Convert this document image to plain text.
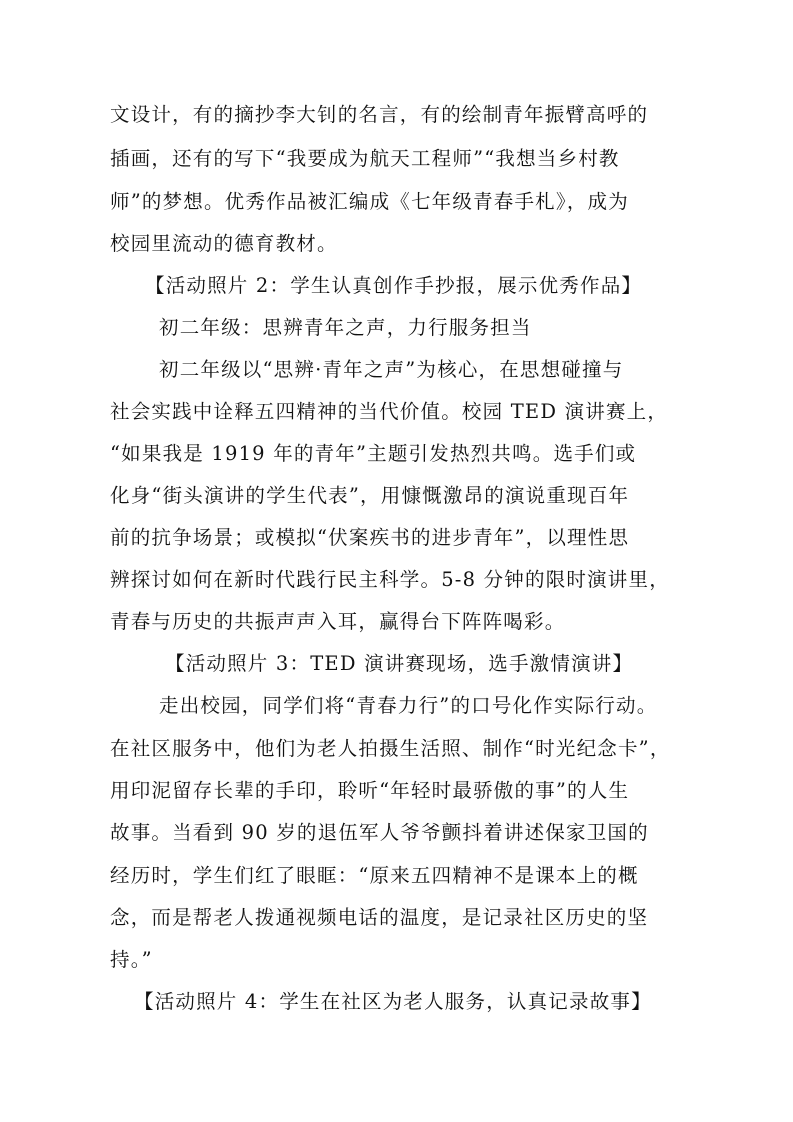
文设计，有的摘抄李大钊的名言，有的绘制青年振臂高呼的
插画，还有的写下“我要成为航天工程师”“我想当乡村教
师”的梦想。优秀作品被汇编成《七年级青春手札》，成为
校园里流动的德育教材。
【活动照片 2：学生认真创作手抄报，展示优秀作品】
初二年级：思辨青年之声，力行服务担当
初二年级以“思辨·青年之声”为核心，在思想碰撞与
社会实践中诠释五四精神的当代价值。校园 TED 演讲赛上，
“如果我是 1919 年的青年”主题引发热烈共鸣。选手们或
化身“街头演讲的学生代表”，用慷慨激昂的演说重现百年
前的抗争场景；或模拟“伏案疾书的进步青年”，以理性思
辨探讨如何在新时代践行民主科学。5-8 分钟的限时演讲里，
青春与历史的共振声声入耳，赢得台下阵阵喝彩。
【活动照片 3：TED 演讲赛现场，选手激情演讲】
走出校园，同学们将“青春力行”的口号化作实际行动。
在社区服务中，他们为老人拍摄生活照、制作“时光纪念卡”，
用印泥留存长辈的手印，聆听“年轻时最骄傲的事”的人生
故事。当看到 90 岁的退伍军人爷爷颤抖着讲述保家卫国的
经历时，学生们红了眼眶：“原来五四精神不是课本上的概
念，而是帮老人拨通视频电话的温度，是记录社区历史的坚
持。”
【活动照片 4：学生在社区为老人服务，认真记录故事】
